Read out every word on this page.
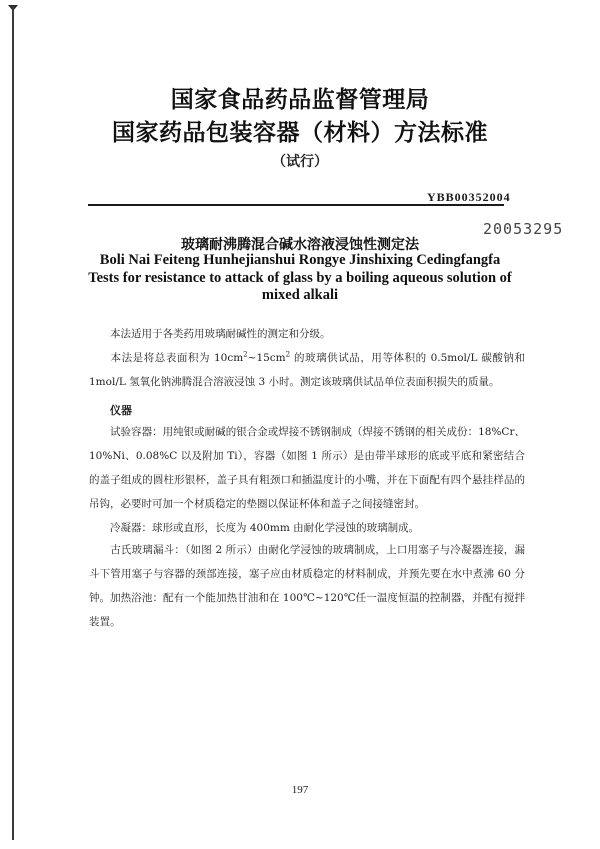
国家食品药品监督管理局
国家药品包装容器（材料）方法标准
（试行）
YBB00352004
20053295
玻璃耐沸腾混合碱水溶液浸蚀性测定法
Boli Nai Feiteng Hunhejianshui Rongye Jinshixing Cedingfangfa
Tests for resistance to attack of glass by a boiling aqueous solution of
mixed alkali
本法适用于各类药用玻璃耐碱性的测定和分级。
本法是将总表面积为 $10cm^2\sim 15cm^2$ 的玻璃供试品，用等体积的 0.5mol/L 碳酸钠和 1mol/L 氢氧化钠沸腾混合溶液浸蚀 3 小时。测定该玻璃供试品单位表面积损失的质量。
仪器
试验容器：用纯银或耐碱的银合金或焊接不锈钢制成（焊接不锈钢的相关成份：18%Cr、10%Ni、0.08%C 以及附加 Ti），容器（如图 1 所示）是由带半球形的底或平底和紧密结合的盖子组成的圆柱形银杯，盖子具有粗颈口和插温度计的小嘴，并在下面配有四个悬挂样品的吊钩，必要时可加一个材质稳定的垫圈以保证杯体和盖子之间接缝密封。
冷凝器：球形或直形，长度为 400mm 由耐化学浸蚀的玻璃制成。
古氏玻璃漏斗：（如图 2 所示）由耐化学浸蚀的玻璃制成，上口用塞子与冷凝器连接，漏斗下管用塞子与容器的颈部连接，塞子应由材质稳定的材料制成，并预先要在水中煮沸 60 分钟。 加热浴池：配有一个能加热甘油和在 100℃~120℃任一温度恒温的控制器，并配有搅拌装置。
197
